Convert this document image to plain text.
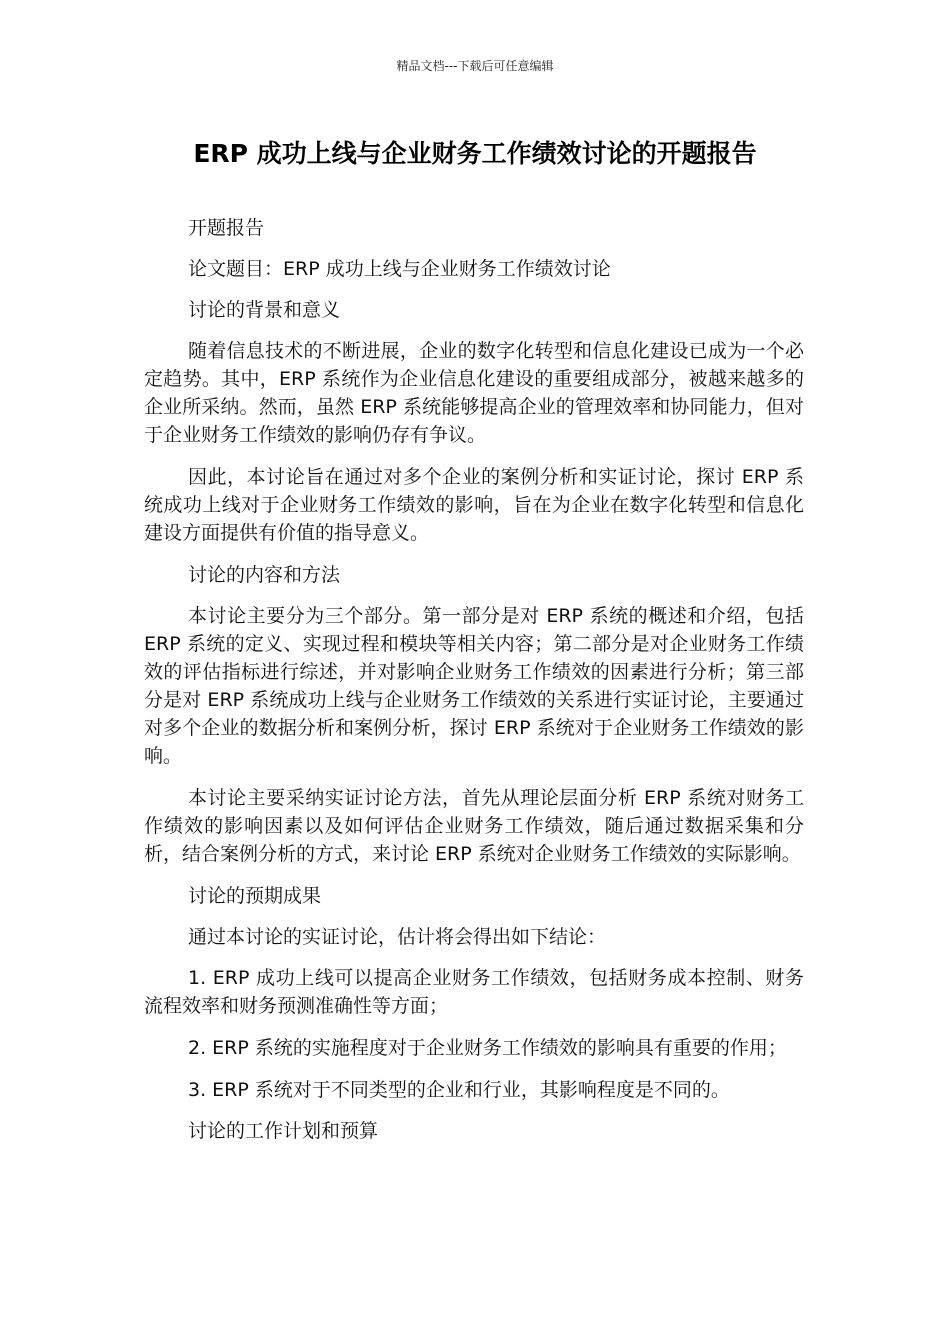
精品文档---下载后可任意编辑
ERP 成功上线与企业财务工作绩效讨论的开题报告

开题报告

论文题目：ERP 成功上线与企业财务工作绩效讨论

讨论的背景和意义

随着信息技术的不断进展，企业的数字化转型和信息化建设已成为一个必定趋势。其中，ERP 系统作为企业信息化建设的重要组成部分，被越来越多的企业所采纳。然而，虽然 ERP 系统能够提高企业的管理效率和协同能力，但对于企业财务工作绩效的影响仍存有争议。

因此，本讨论旨在通过对多个企业的案例分析和实证讨论，探讨 ERP 系统成功上线对于企业财务工作绩效的影响，旨在为企业在数字化转型和信息化建设方面提供有价值的指导意义。

讨论的内容和方法

本讨论主要分为三个部分。第一部分是对 ERP 系统的概述和介绍，包括 ERP 系统的定义、实现过程和模块等相关内容；第二部分是对企业财务工作绩效的评估指标进行综述，并对影响企业财务工作绩效的因素进行分析；第三部分是对 ERP 系统成功上线与企业财务工作绩效的关系进行实证讨论，主要通过对多个企业的数据分析和案例分析，探讨 ERP 系统对于企业财务工作绩效的影响。

本讨论主要采纳实证讨论方法，首先从理论层面分析 ERP 系统对财务工作绩效的影响因素以及如何评估企业财务工作绩效，随后通过数据采集和分析，结合案例分析的方式，来讨论 ERP 系统对企业财务工作绩效的实际影响。

讨论的预期成果

通过本讨论的实证讨论，估计将会得出如下结论：

1. ERP 成功上线可以提高企业财务工作绩效，包括财务成本控制、财务流程效率和财务预测准确性等方面；

2. ERP 系统的实施程度对于企业财务工作绩效的影响具有重要的作用；

3. ERP 系统对于不同类型的企业和行业，其影响程度是不同的。

讨论的工作计划和预算
